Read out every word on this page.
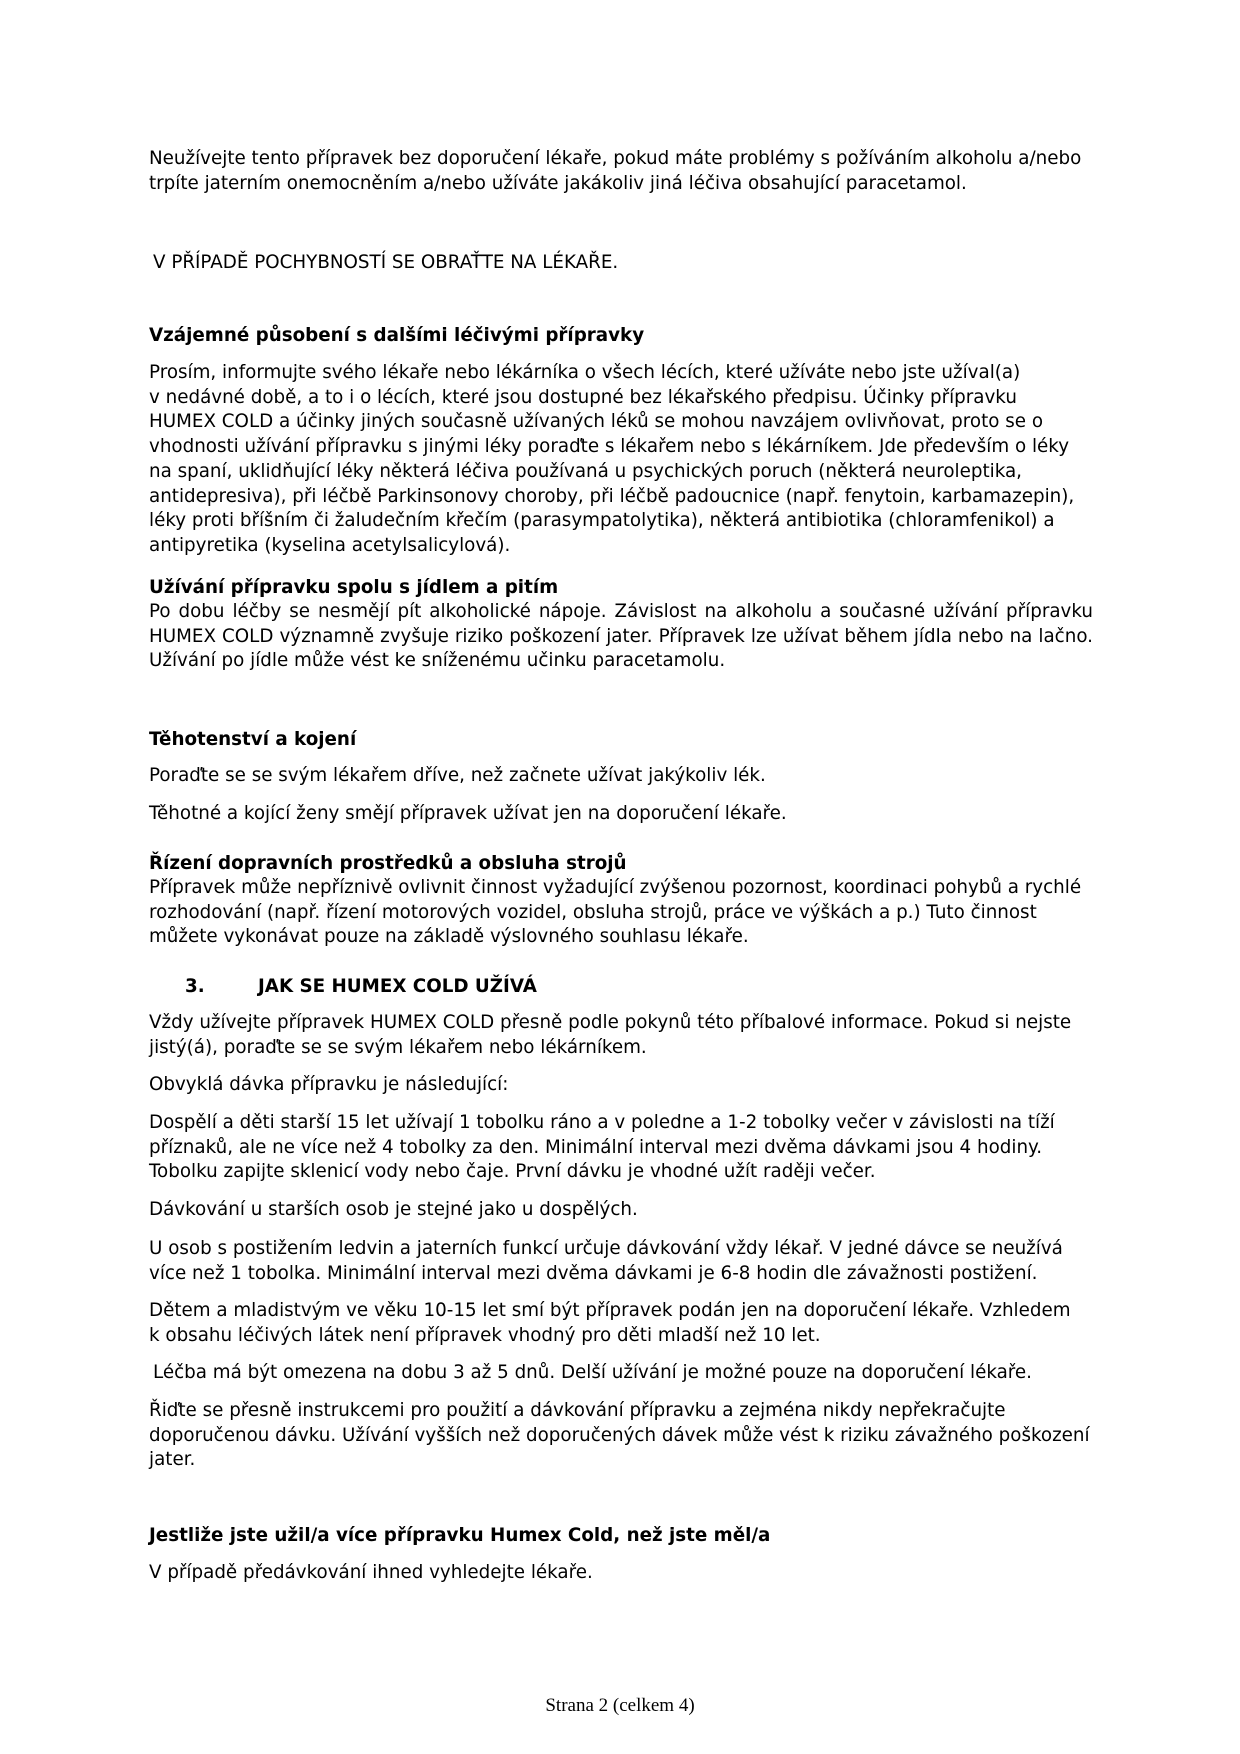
Neužívejte tento přípravek bez doporučení lékaře, pokud máte problémy s požíváním alkoholu a/nebo
trpíte jaterním onemocněním a/nebo užíváte jakákoliv jiná léčiva obsahující paracetamol.

V PŘÍPADĚ POCHYBNOSTÍ SE OBRAŤTE NA LÉKAŘE.

Vzájemné působení s dalšími léčivými přípravky
Prosím, informujte svého lékaře nebo lékárníka o všech lécích, které užíváte nebo jste užíval(a)
v nedávné době, a to i o lécích, které jsou dostupné bez lékařského předpisu. Účinky přípravku
HUMEX COLD a účinky jiných současně užívaných léků se mohou navzájem ovlivňovat, proto se o
vhodnosti užívání přípravku s jinými léky poraďte s lékařem nebo s lékárníkem. Jde především o léky
na spaní, uklidňující léky některá léčiva používaná u psychických poruch (některá neuroleptika,
antidepresiva), při léčbě Parkinsonovy choroby, při léčbě padoucnice (např. fenytoin, karbamazepin),
léky proti bříšním či žaludečním křečím (parasympatolytika), některá antibiotika (chloramfenikol) a
antipyretika (kyselina acetylsalicylová).
Užívání přípravku spolu s jídlem a pitím

Po dobu léčby se nesmějí pít alkoholické nápoje. Závislost na alkoholu a současné užívání přípravku HUMEX COLD významně zvyšuje riziko poškození jater. Přípravek lze užívat během jídla nebo na lačno. Užívání po jídle může vést ke sníženému učinku paracetamolu.

Těhotenství a kojení

Poraďte se se svým lékařem dříve, než začnete užívat jakýkoliv lék.

Těhotné a kojící ženy smějí přípravek užívat jen na doporučení lékaře.

Řízení dopravních prostředků a obsluha strojů
Přípravek může nepříznivě ovlivnit činnost vyžadující zvýšenou pozornost, koordinaci pohybů a rychlé
rozhodování (např. řízení motorových vozidel, obsluha strojů, práce ve výškách a p.) Tuto činnost
můžete vykonávat pouze na základě výslovného souhlasu lékaře.
3.	JAK SE HUMEX COLD UŽÍVÁ
Vždy užívejte přípravek HUMEX COLD přesně podle pokynů této příbalové informace. Pokud si nejste
jistý(á), poraďte se se svým lékařem nebo lékárníkem.

Obvyklá dávka přípravku je následující:

Dospělí a děti starší 15 let užívají 1 tobolku ráno a v poledne a 1-2 tobolky večer v závislosti na tíží
příznaků, ale ne více než 4 tobolky za den. Minimální interval mezi dvěma dávkami jsou 4 hodiny.
Tobolku zapijte sklenicí vody nebo čaje. První dávku je vhodné užít raději večer.

Dávkování u starších osob je stejné jako u dospělých.

U osob s postižením ledvin a jaterních funkcí určuje dávkování vždy lékař. V jedné dávce se neužívá
více než 1 tobolka. Minimální interval mezi dvěma dávkami je 6-8 hodin dle závažnosti postižení.
Dětem a mladistvým ve věku 10-15 let smí být přípravek podán jen na doporučení lékaře. Vzhledem
k obsahu léčivých látek není přípravek vhodný pro děti mladší než 10 let.

Léčba má být omezena na dobu 3 až 5 dnů. Delší užívání je možné pouze na doporučení lékaře.

Řiďte se přesně instrukcemi pro použití a dávkování přípravku a zejména nikdy nepřekračujte
doporučenou dávku. Užívání vyšších než doporučených dávek může vést k riziku závažného poškození
jater.
Jestliže jste užil/a více přípravku Humex Cold, než jste měl/a

V případě předávkování ihned vyhledejte lékaře.

Strana 2 (celkem 4)
